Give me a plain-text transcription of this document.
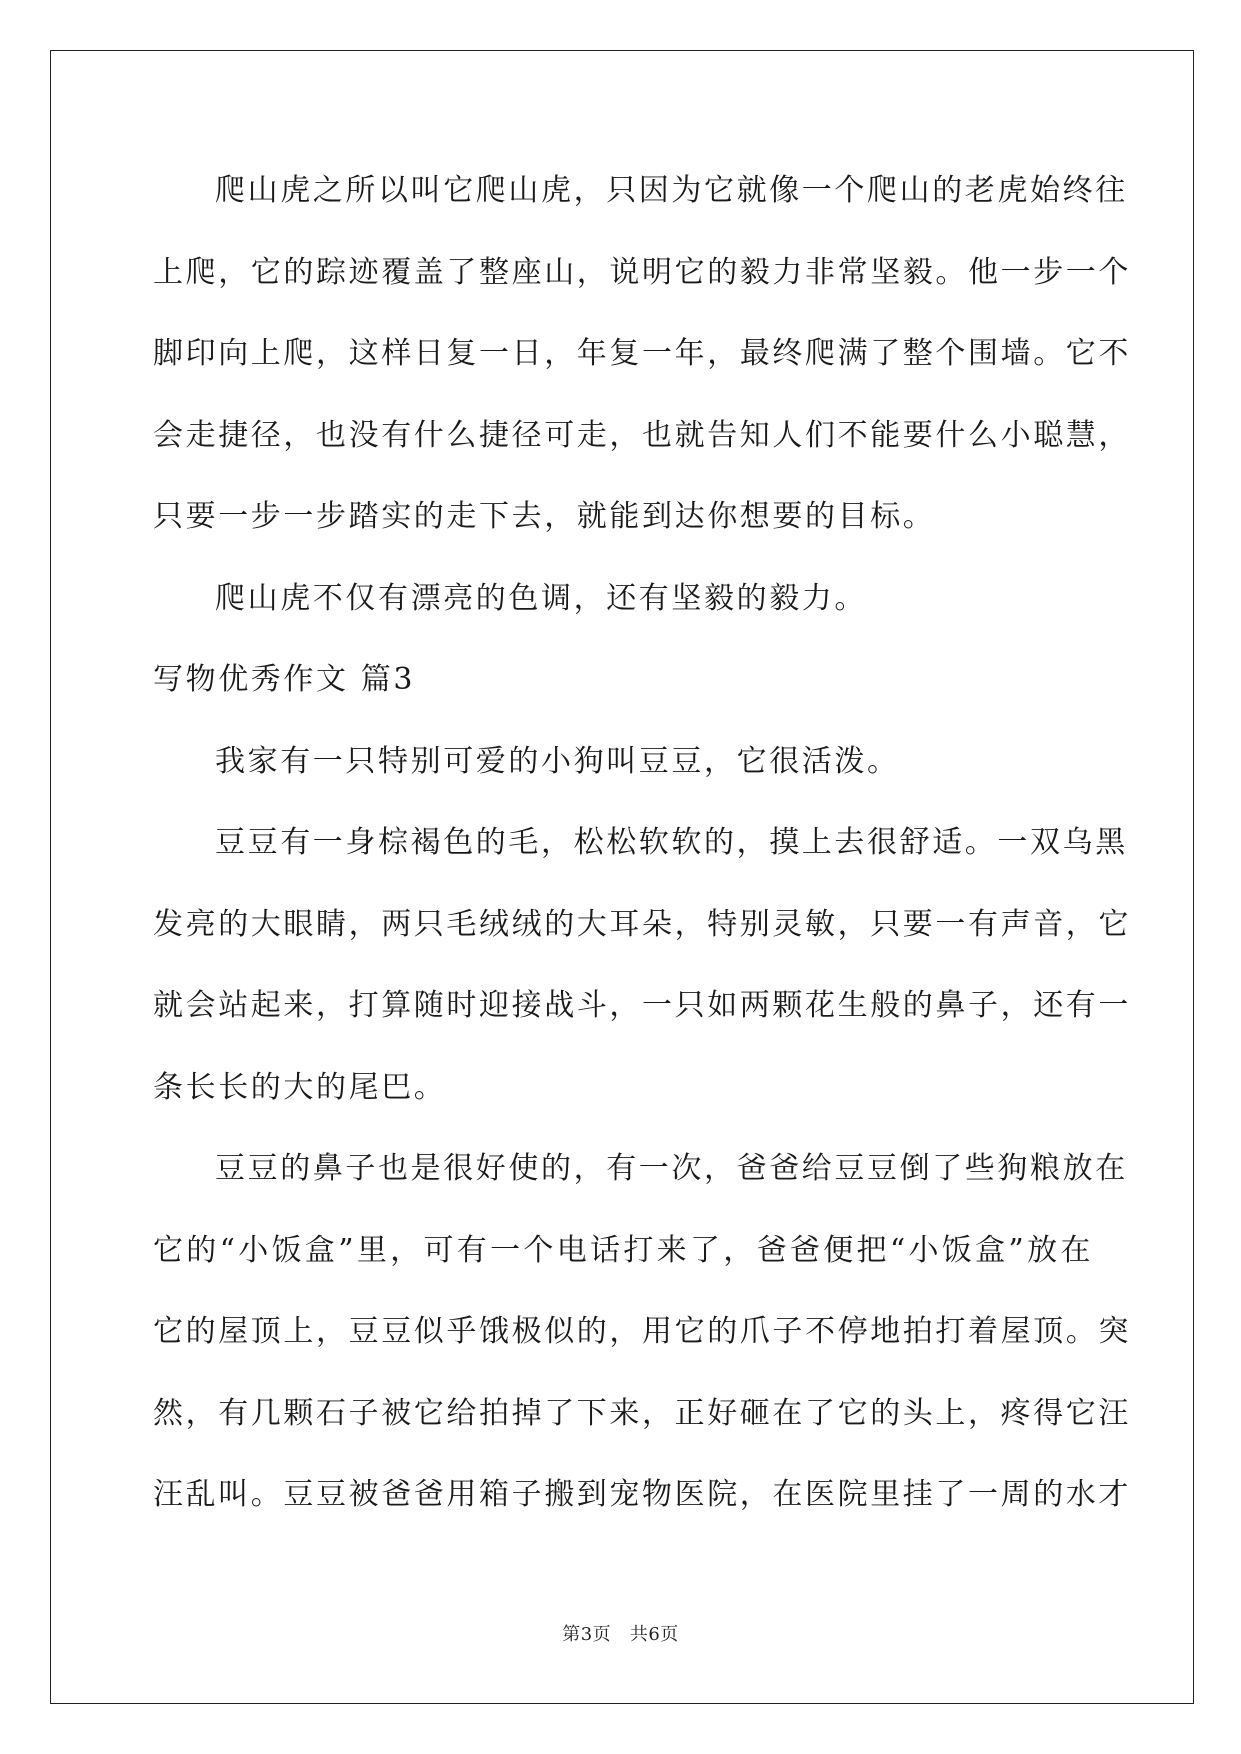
爬山虎之所以叫它爬山虎，只因为它就像一个爬山的老虎始终往
上爬，它的踪迹覆盖了整座山，说明它的毅力非常坚毅。他一步一个
脚印向上爬，这样日复一日，年复一年，最终爬满了整个围墙。它不
会走捷径，也没有什么捷径可走，也就告知人们不能要什么小聪慧，
只要一步一步踏实的走下去，就能到达你想要的目标。
爬山虎不仅有漂亮的色调，还有坚毅的毅力。
写物优秀作文 篇3
我家有一只特别可爱的小狗叫豆豆，它很活泼。
豆豆有一身棕褐色的毛，松松软软的，摸上去很舒适。一双乌黑
发亮的大眼睛，两只毛绒绒的大耳朵，特别灵敏，只要一有声音，它
就会站起来，打算随时迎接战斗，一只如两颗花生般的鼻子，还有一
条长长的大的尾巴。
豆豆的鼻子也是很好使的，有一次，爸爸给豆豆倒了些狗粮放在
它的“小饭盒”里，可有一个电话打来了，爸爸便把“小饭盒”放在
它的屋顶上，豆豆似乎饿极似的，用它的爪子不停地拍打着屋顶。突
然，有几颗石子被它给拍掉了下来，正好砸在了它的头上，疼得它汪
汪乱叫。豆豆被爸爸用箱子搬到宠物医院，在医院里挂了一周的水才
第3页   共6页
